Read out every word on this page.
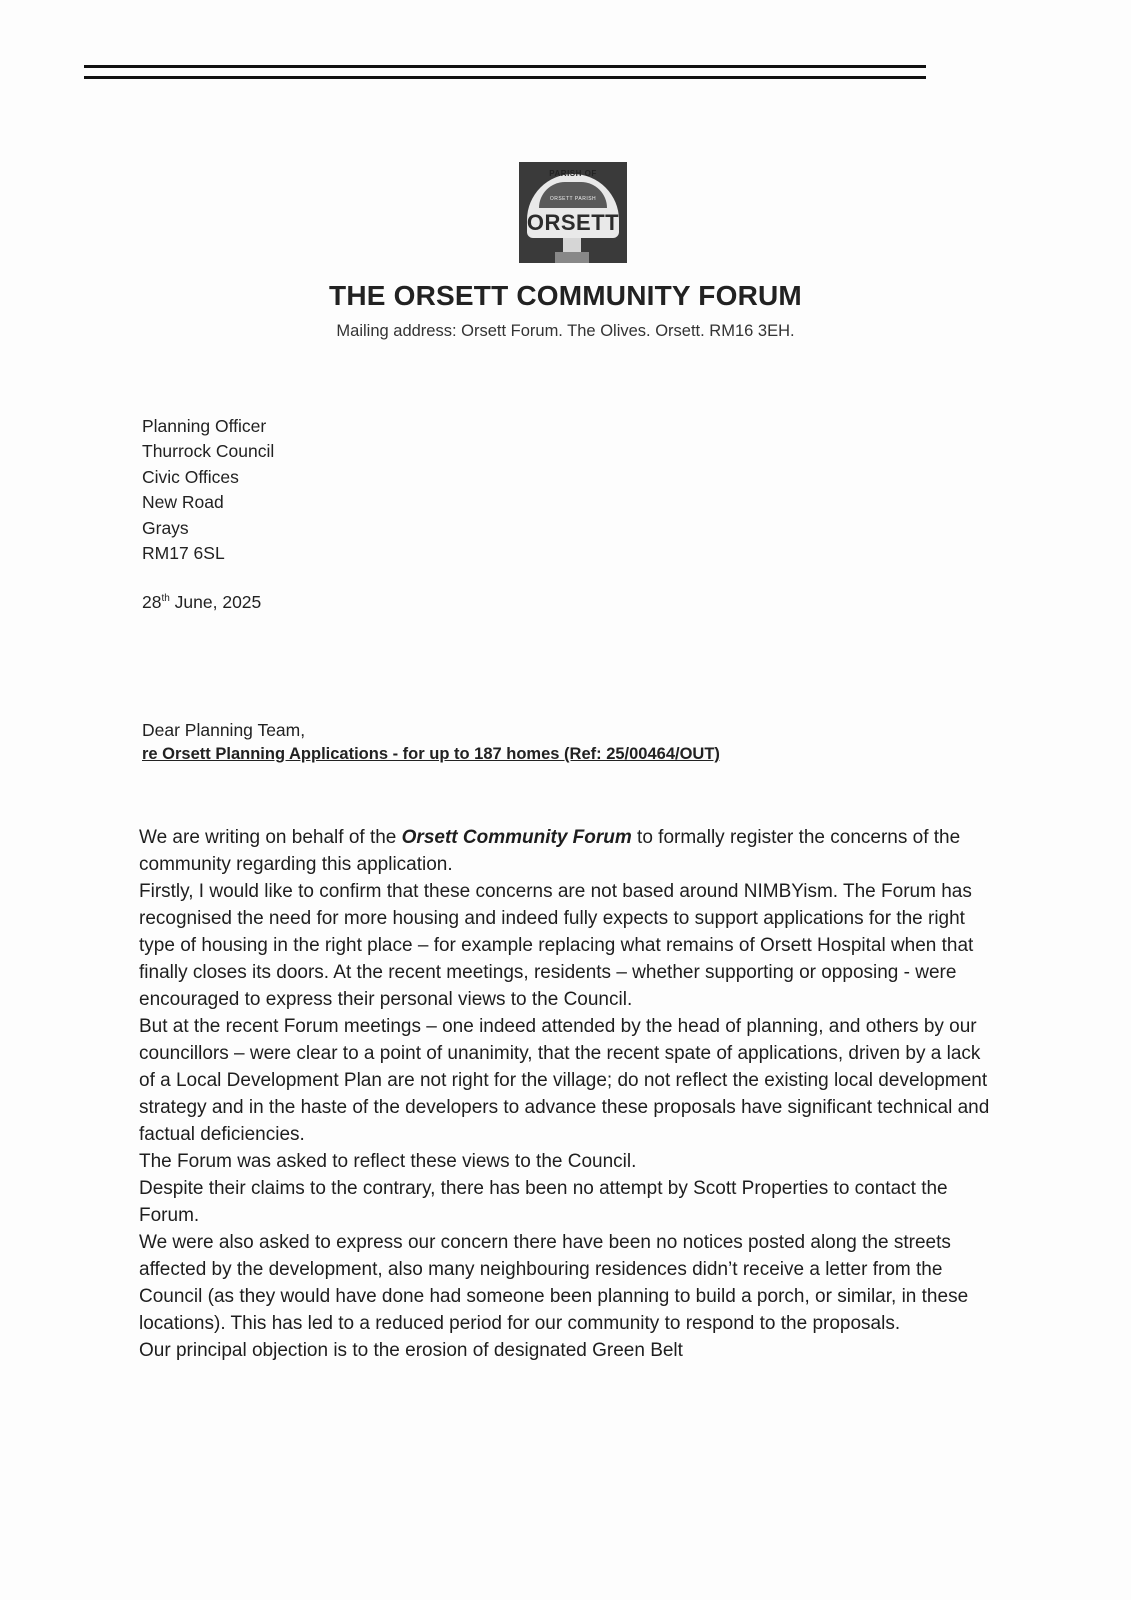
PARISH OF
ORSETT PARISH
ORSETT
THE ORSETT COMMUNITY FORUM
Mailing address: Orsett Forum. The Olives. Orsett. RM16 3EH.
Planning Officer
Thurrock Council
Civic Offices
New Road
Grays
RM17 6SL
28th June, 2025
Dear Planning Team,
re Orsett Planning Applications - for up to 187 homes (Ref: 25/00464/OUT)

We are writing on behalf of the Orsett Community Forum to formally register the concerns of the community regarding this application.

Firstly, I would like to confirm that these concerns are not based around NIMBYism. The Forum has recognised the need for more housing and indeed fully expects to support applications for the right type of housing in the right place – for example replacing what remains of Orsett Hospital when that finally closes its doors. At the recent meetings, residents – whether supporting or opposing - were encouraged to express their personal views to the Council.

But at the recent Forum meetings – one indeed attended by the head of planning, and others by our councillors – were clear to a point of unanimity, that the recent spate of applications, driven by a lack of a Local Development Plan are not right for the village; do not reflect the existing local development strategy and in the haste of the developers to advance these proposals have significant technical and factual deficiencies.

The Forum was asked to reflect these views to the Council.

Despite their claims to the contrary, there has been no attempt by Scott Properties to contact the Forum.

We were also asked to express our concern there have been no notices posted along the streets affected by the development, also many neighbouring residences didn’t receive a letter from the Council (as they would have done had someone been planning to build a porch, or similar, in these locations). This has led to a reduced period for our community to respond to the proposals.

Our principal objection is to the erosion of designated Green Belt
